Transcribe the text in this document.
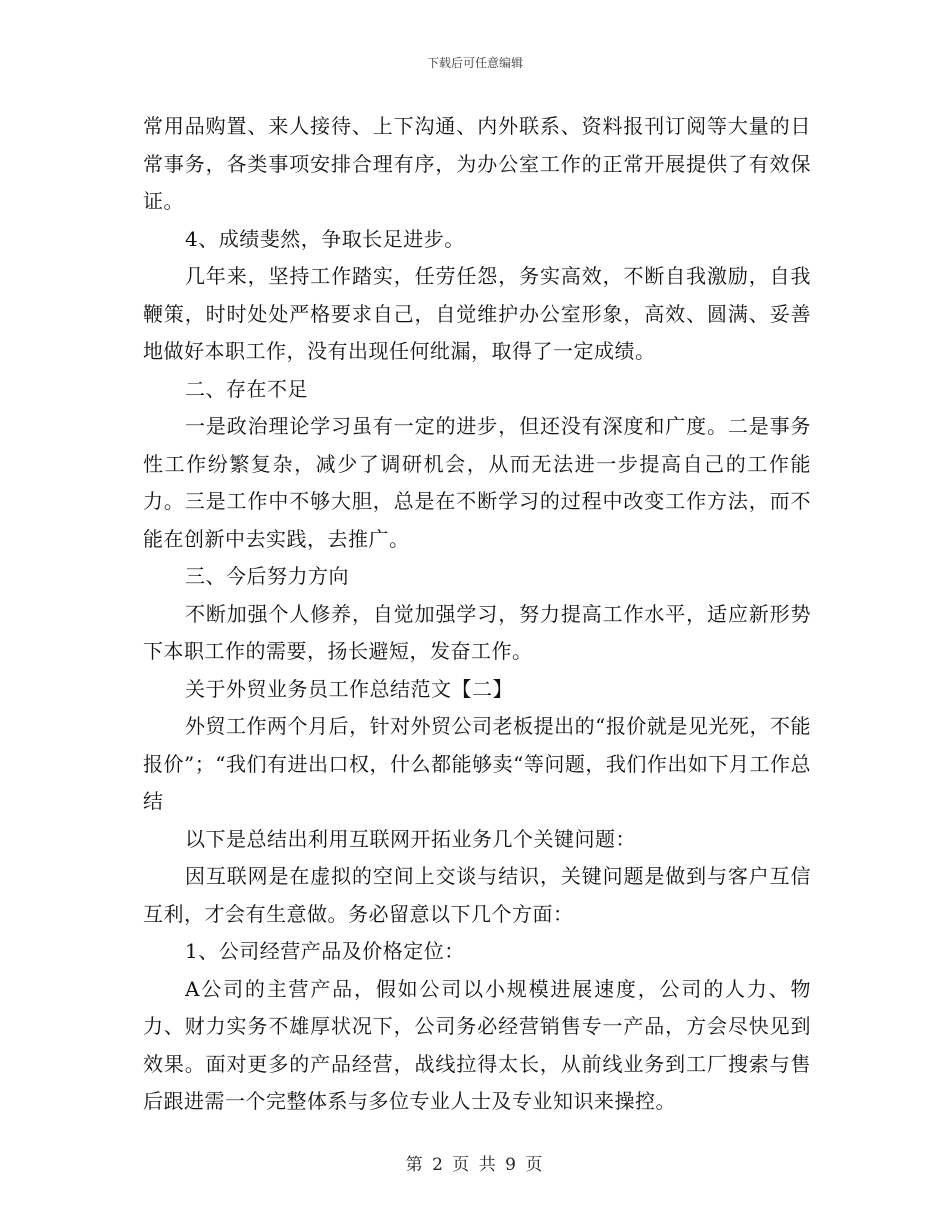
下载后可任意编辑

常用品购置、来人接待、上下沟通、内外联系、资料报刊订阅等大量的日常事务，各类事项安排合理有序，为办公室工作的正常开展提供了有效保证。

4、成绩斐然，争取长足进步。

几年来，坚持工作踏实，任劳任怨，务实高效，不断自我激励，自我鞭策，时时处处严格要求自己，自觉维护办公室形象，高效、圆满、妥善地做好本职工作，没有出现任何纰漏，取得了一定成绩。

二、存在不足

一是政治理论学习虽有一定的进步，但还没有深度和广度。二是事务性工作纷繁复杂，减少了调研机会，从而无法进一步提高自己的工作能力。三是工作中不够大胆，总是在不断学习的过程中改变工作方法，而不能在创新中去实践，去推广。

三、今后努力方向

不断加强个人修养，自觉加强学习，努力提高工作水平，适应新形势下本职工作的需要，扬长避短，发奋工作。

关于外贸业务员工作总结范文【二】

外贸工作两个月后，针对外贸公司老板提出的“报价就是见光死，不能报价”；“我们有进出口权，什么都能够卖“等问题，我们作出如下月工作总结

以下是总结出利用互联网开拓业务几个关键问题：

因互联网是在虚拟的空间上交谈与结识，关键问题是做到与客户互信互利，才会有生意做。务必留意以下几个方面：

1、公司经营产品及价格定位：

A公司的主营产品，假如公司以小规模进展速度，公司的人力、物力、财力实务不雄厚状况下，公司务必经营销售专一产品，方会尽快见到效果。面对更多的产品经营，战线拉得太长，从前线业务到工厂搜索与售后跟进需一个完整体系与多位专业人士及专业知识来操控。

第 2 页 共 9 页
